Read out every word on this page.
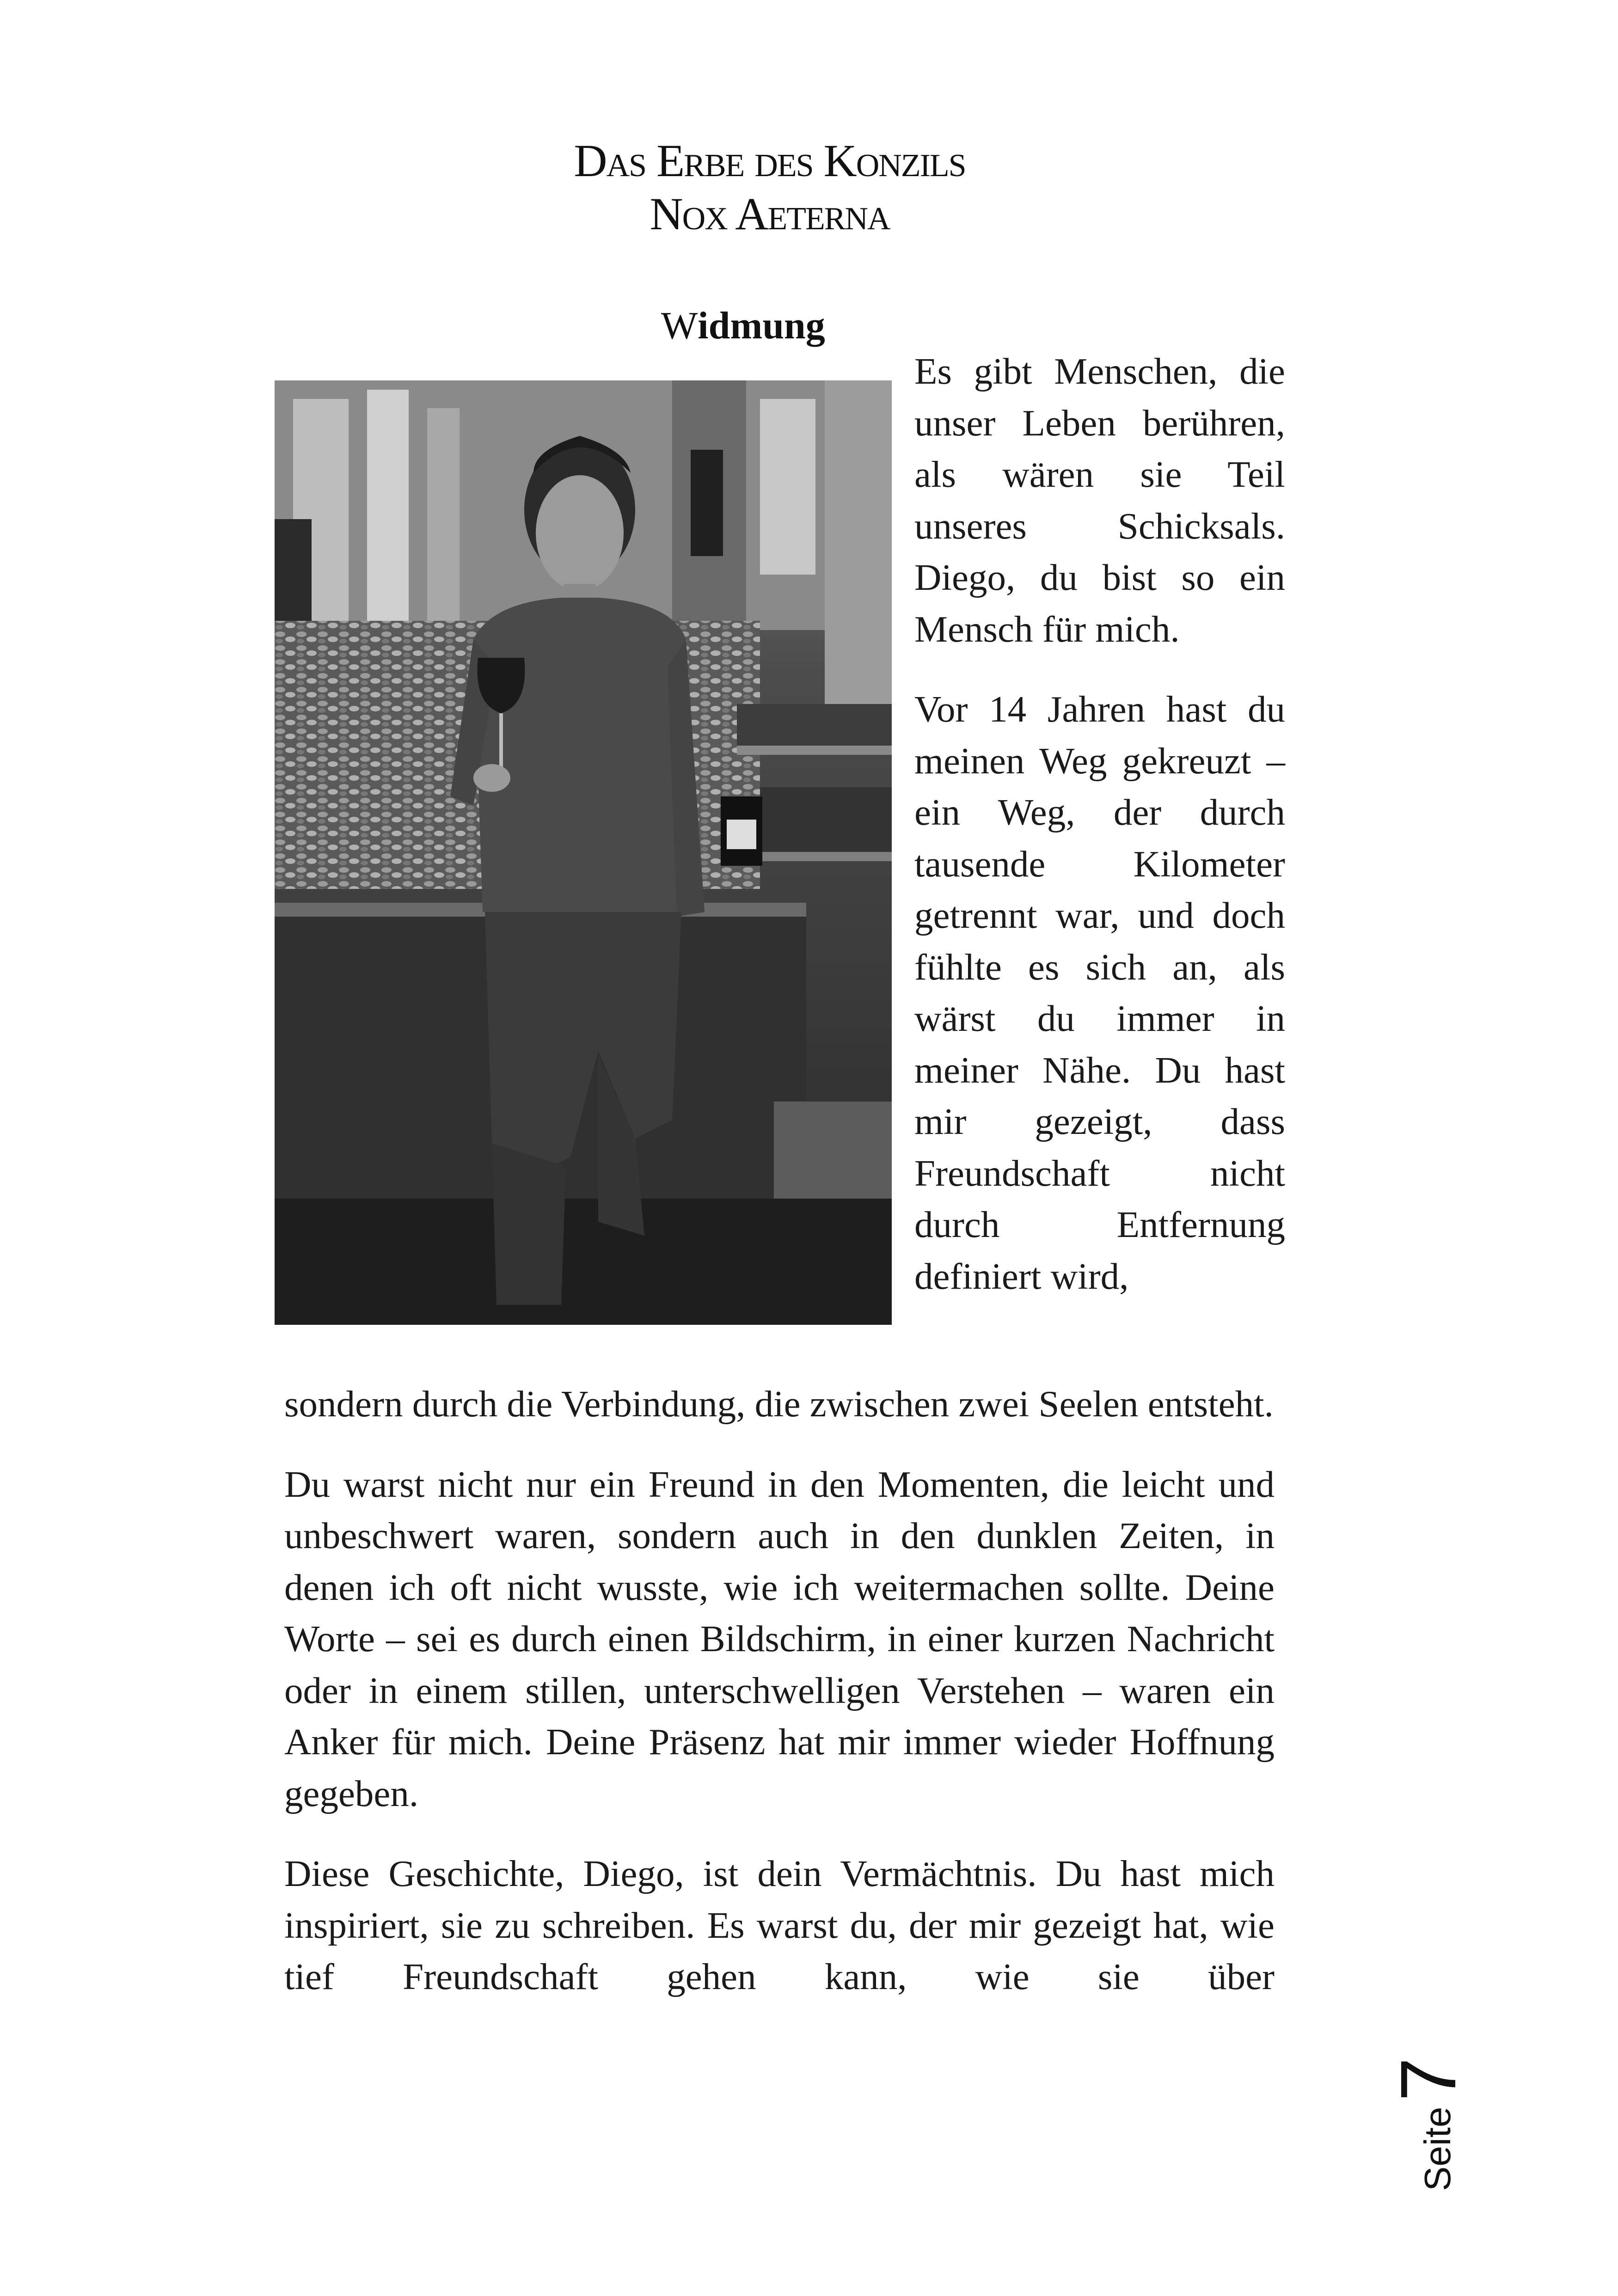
Das Erbe des Konzils
Nox Aeterna
Widmung

Es gibt Menschen, die unser Leben berühren, als wären sie Teil unseres Schicksals. Diego, du bist so ein Mensch für mich.

Vor 14 Jahren hast du meinen Weg gekreuzt – ein Weg, der durch tausende Kilometer getrennt war, und doch fühlte es sich an, als wärst du immer in meiner Nähe. Du hast mir gezeigt, dass Freundschaft nicht durch Entfernung definiert wird,

sondern durch die Verbindung, die zwischen zwei Seelen entsteht.

Du warst nicht nur ein Freund in den Momenten, die leicht und unbeschwert waren, sondern auch in den dunklen Zeiten, in denen ich oft nicht wusste, wie ich weitermachen sollte. Deine Worte – sei es durch einen Bildschirm, in einer kurzen Nachricht oder in einem stillen, unterschwelligen Verstehen – waren ein Anker für mich. Deine Präsenz hat mir immer wieder Hoffnung gegeben.

Diese Geschichte, Diego, ist dein Vermächtnis. Du hast mich inspiriert, sie zu schreiben. Es warst du, der mir gezeigt hat, wie tief Freundschaft gehen kann, wie sie über

Seite
7
